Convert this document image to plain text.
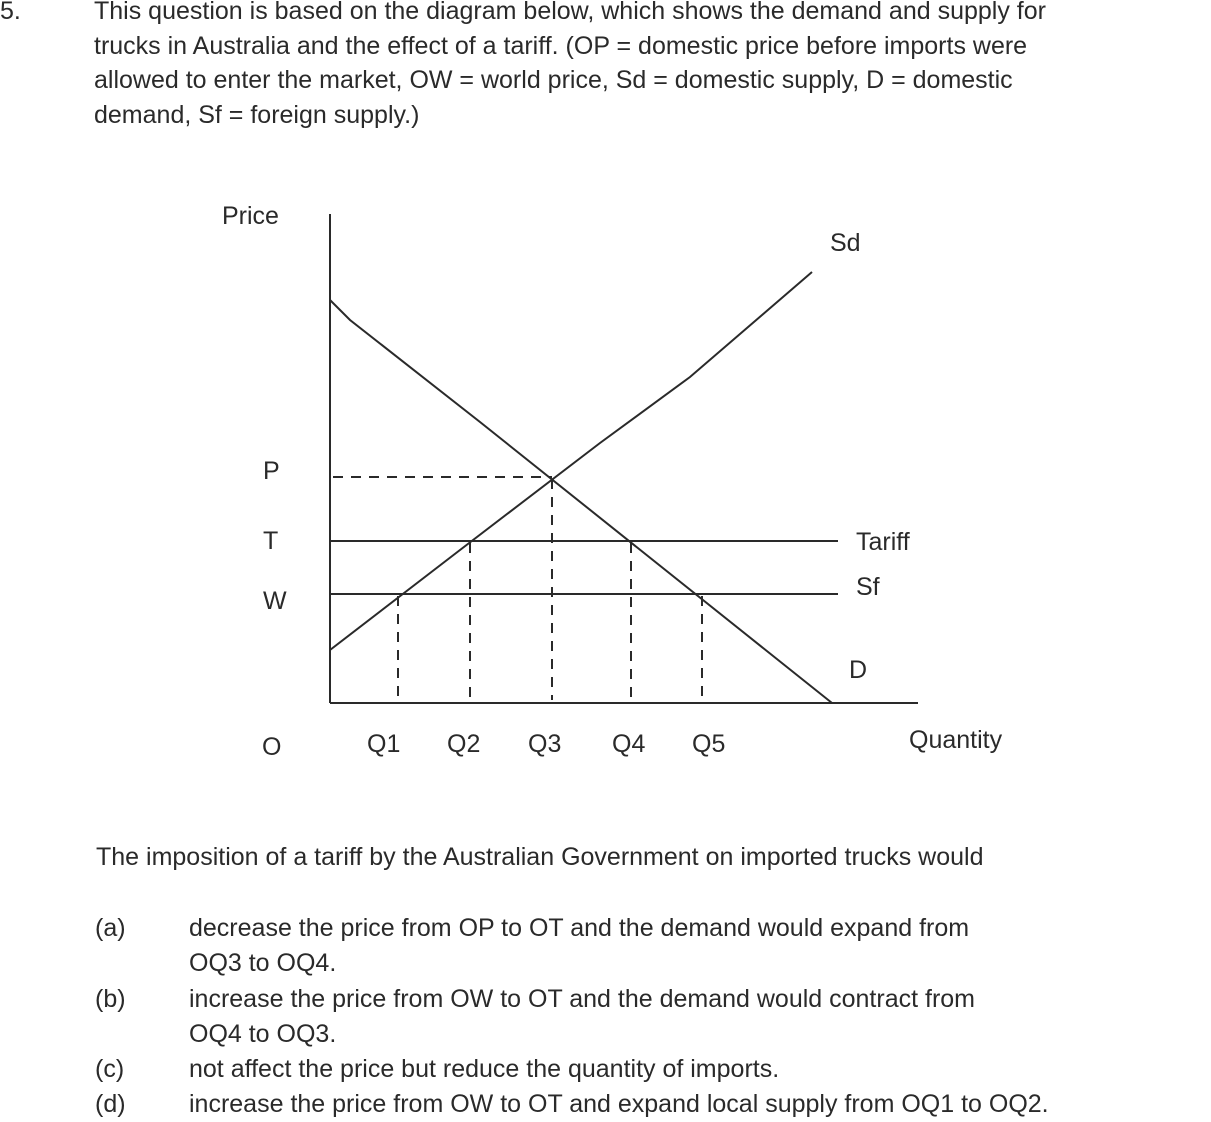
5.	This question is based on the diagram below, which shows the demand and supply for
trucks in Australia and the effect of a tariff. (OP = domestic price before imports were
allowed to enter the market, OW = world price, Sd = domestic supply, D = domestic
demand, Sf = foreign supply.)
Price
Quantity
O
P
T
W
Q1 Q2 Q3 Q4 Q5
Sd
Tariff
Sf
D
The imposition of a tariff by the Australian Government on imported trucks would
(a)	decrease the price from OP to OT and the demand would expand from
OQ3 to OQ4.
(b)	increase the price from OW to OT and the demand would contract from
OQ4 to OQ3.
(c)	not affect the price but reduce the quantity of imports.
(d)	increase the price from OW to OT and expand local supply from OQ1 to OQ2.
